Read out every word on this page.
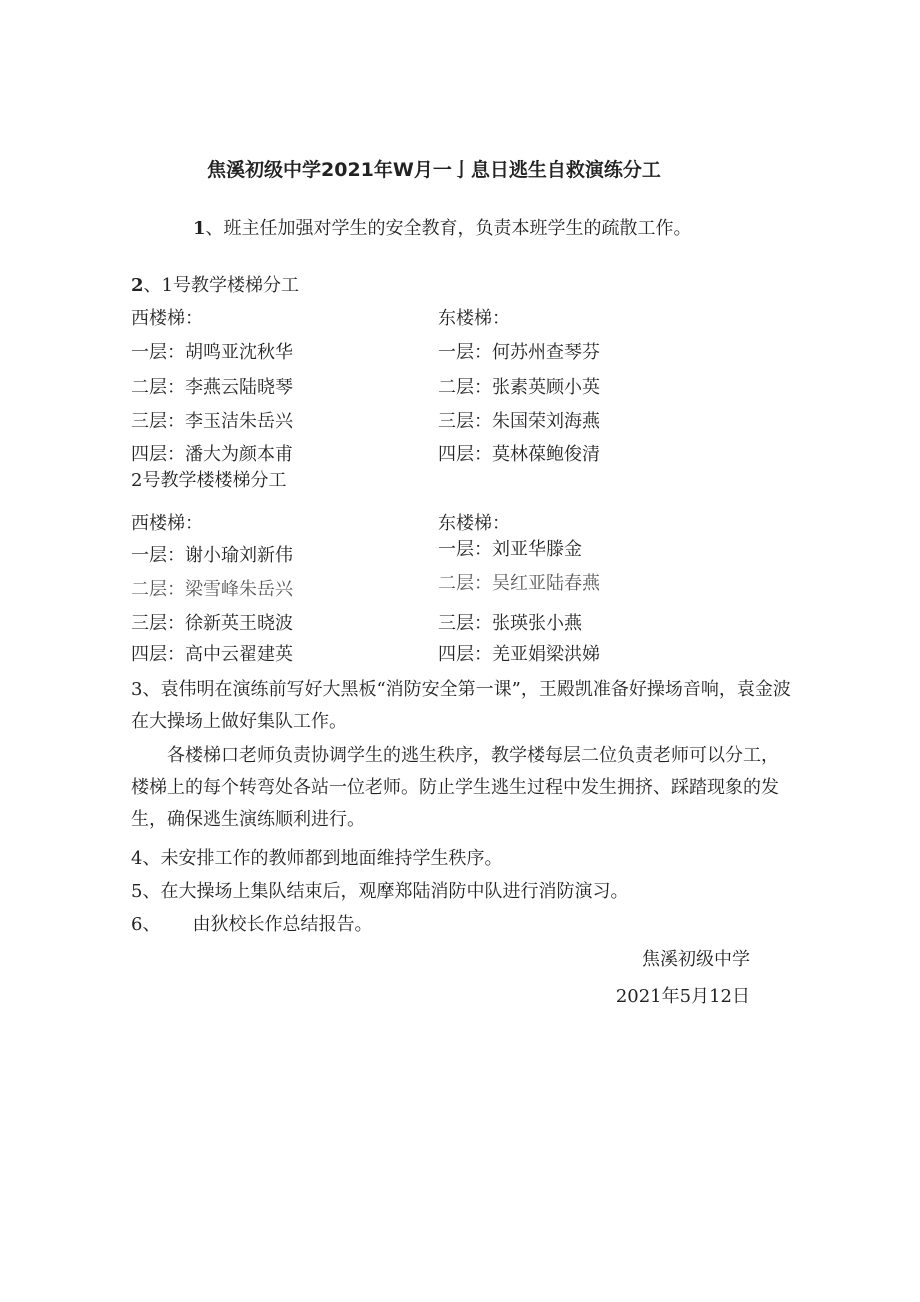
焦溪初级中学2021年W月一亅息日逃生自救演练分工
1、班主任加强对学生的安全教育，负责本班学生的疏散工作。
2、1号教学楼梯分工
西楼梯：	东楼梯：
一层：胡鸣亚沈秋华
二层：李燕云陆晓琴
三层：李玉洁朱岳兴
四层：潘大为颜本甫
一层：何苏州查琴芬
二层：张素英顾小英
三层：朱国荣刘海燕
四层：莫林葆鲍俊清
2号教学楼楼梯分工
西楼梯：	东楼梯：
一层：谢小瑜刘新伟
二层：梁雪峰朱岳兴
三层：徐新英王晓波
四层：高中云翟建英
一层：刘亚华滕金
二层：吴红亚陆春燕
三层：张瑛张小燕
四层：羌亚娟梁洪娣
3、袁伟明在演练前写好大黑板“消防安全第一课”，王殿凯准备好操场音响，袁金波在大操场上做好集队工作。
各楼梯口老师负责协调学生的逃生秩序，教学楼每层二位负责老师可以分工，楼梯上的每个转弯处各站一位老师。防止学生逃生过程中发生拥挤、踩踏现象的发生，确保逃生演练顺利进行。
4、未安排工作的教师都到地面维持学生秩序。
5、在大操场上集队结束后，观摩郑陆消防中队进行消防演习。
6、 由狄校长作总结报告。
焦溪初级中学
2021年5月12日
